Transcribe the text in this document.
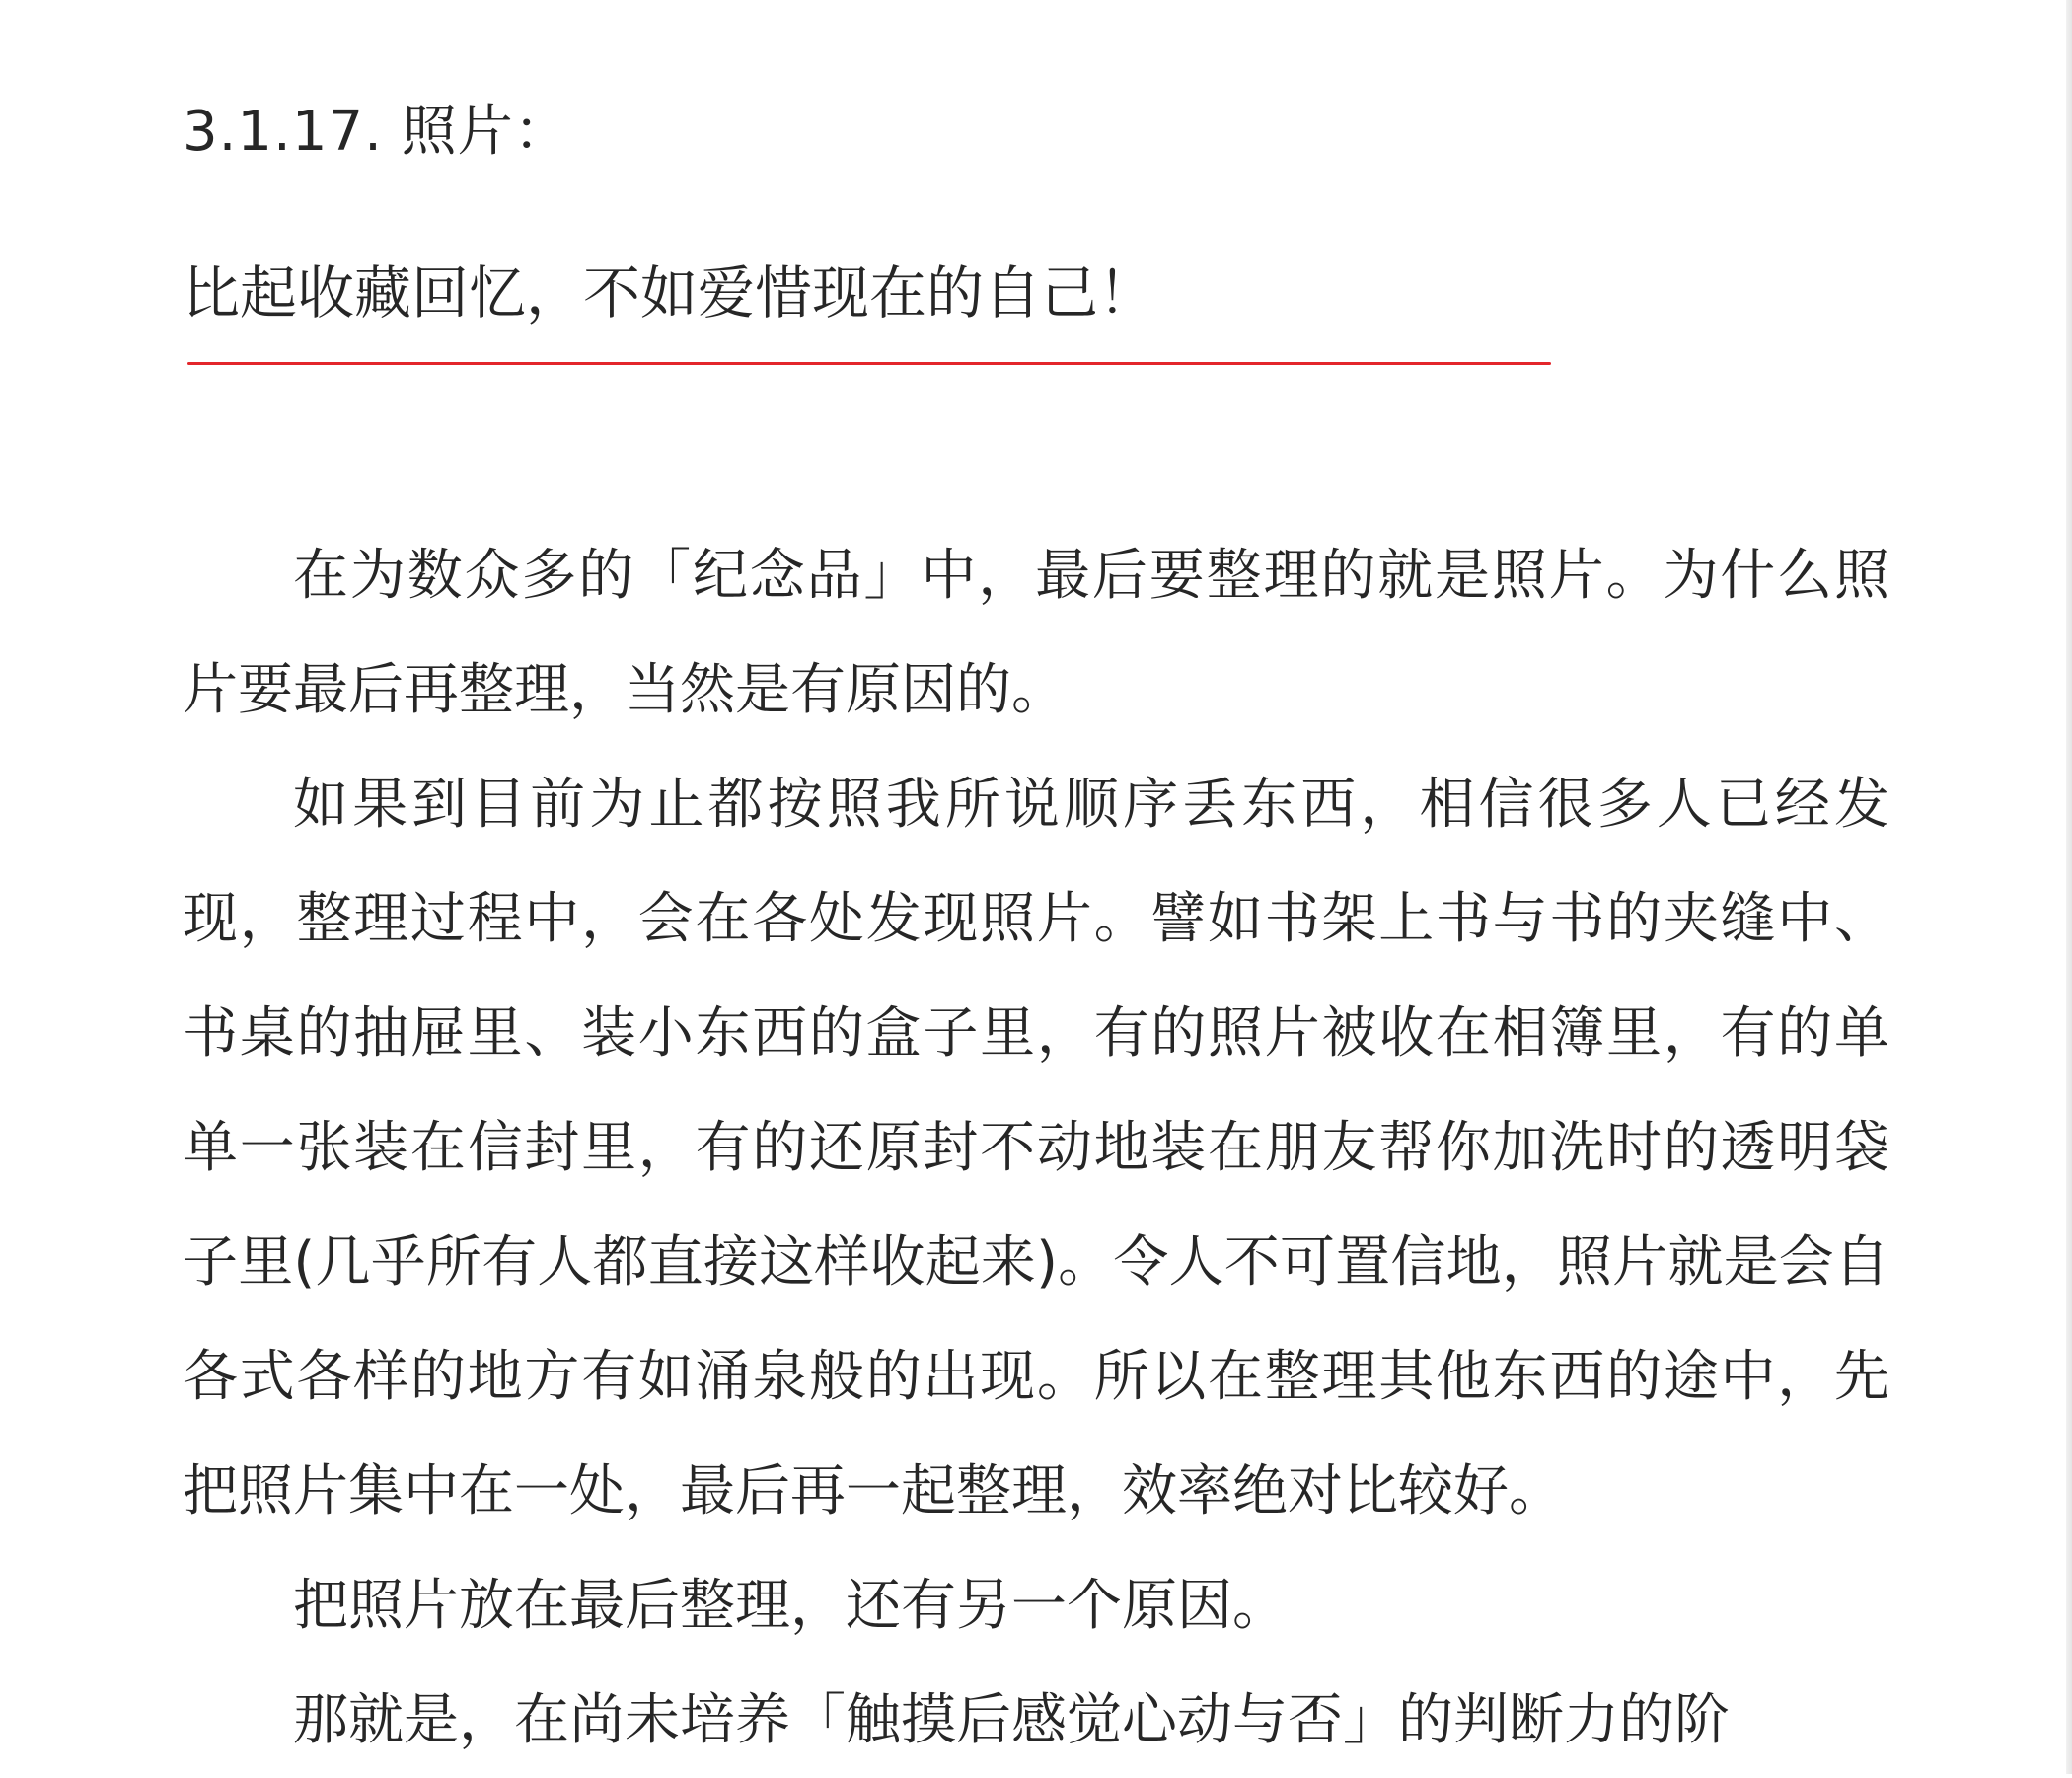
3.1.17. 照片：
比起收藏回忆，不如爱惜现在的自己！

在为数众多的「纪念品」中，最后要整理的就是照片。为什么照片要最后再整理，当然是有原因的。

如果到目前为止都按照我所说顺序丢东西，相信很多人已经发现，整理过程中，会在各处发现照片。譬如书架上书与书的夹缝中、书桌的抽屉里、装小东西的盒子里，有的照片被收在相簿里，有的单单一张装在信封里，有的还原封不动地装在朋友帮你加洗时的透明袋子里(几乎所有人都直接这样收起来)。令人不可置信地，照片就是会自各式各样的地方有如涌泉般的出现。所以在整理其他东西的途中，先把照片集中在一处，最后再一起整理，效率绝对比较好。

把照片放在最后整理，还有另一个原因。

那就是，在尚未培养「触摸后感觉心动与否」的判断力的阶
